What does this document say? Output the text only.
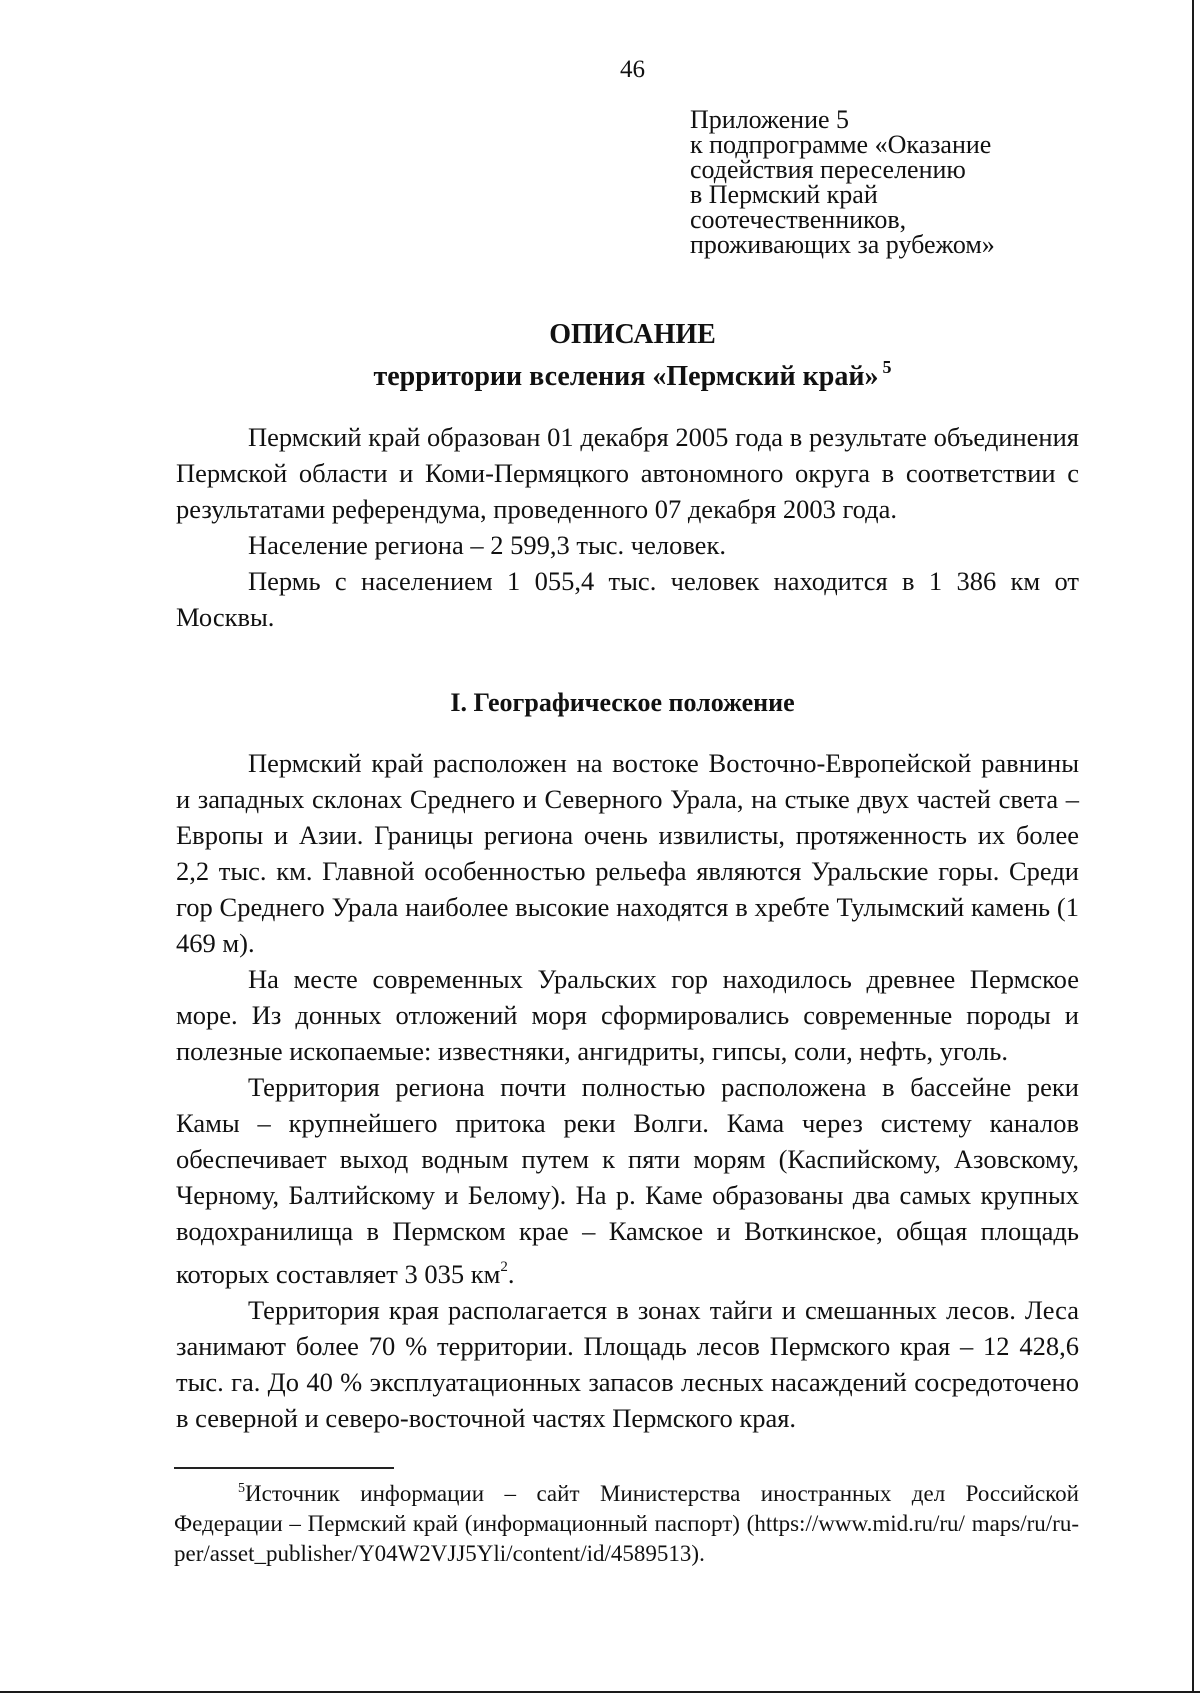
46
Приложение 5
к подпрограмме «Оказание
содействия переселению
в Пермский край
соотечественников,
проживающих за рубежом»
ОПИСАНИЕ
территории вселения «Пермский край» $^5$

Пермский край образован 01 декабря 2005 года в результате объединения Пермской области и Коми-Пермяцкого автономного округа в соответствии с результатами референдума, проведенного 07 декабря 2003 года.

Население региона – 2 599,3 тыс. человек.

Пермь с населением 1 055,4 тыс. человек находится в 1 386 км от Москвы.

I. Географическое положение

Пермский край расположен на востоке Восточно-Европейской равнины и западных склонах Среднего и Северного Урала, на стыке двух частей света – Европы и Азии. Границы региона очень извилисты, протяженность их более 2,2 тыс. км. Главной особенностью рельефа являются Уральские горы. Среди гор Среднего Урала наиболее высокие находятся в хребте Тулымский камень (1 469 м).

На месте современных Уральских гор находилось древнее Пермское море. Из донных отложений моря сформировались современные породы и полезные ископаемые: известняки, ангидриты, гипсы, соли, нефть, уголь.

Территория региона почти полностью расположена в бассейне реки Камы – крупнейшего притока реки Волги. Кама через систему каналов обеспечивает выход водным путем к пяти морям (Каспийскому, Азовскому, Черному, Балтийскому и Белому). На р. Каме образованы два самых крупных водохранилища в Пермском крае – Камское и Воткинское, общая площадь которых составляет 3 035 $км^2$.

Территория края располагается в зонах тайги и смешанных лесов. Леса занимают более 70 % территории. Площадь лесов Пермского края – 12 428,6 тыс. га. До 40 % эксплуатационных запасов лесных насаждений сосредоточено в северной и северо-восточной частях Пермского края.

$^5$Источник информации – сайт Министерства иностранных дел Российской Федерации – Пермский край (информационный паспорт) (https://www.mid.ru/ru/ maps/ru/ru-per/asset_publisher/Y04W2VJJ5Yli/content/id/4589513).
